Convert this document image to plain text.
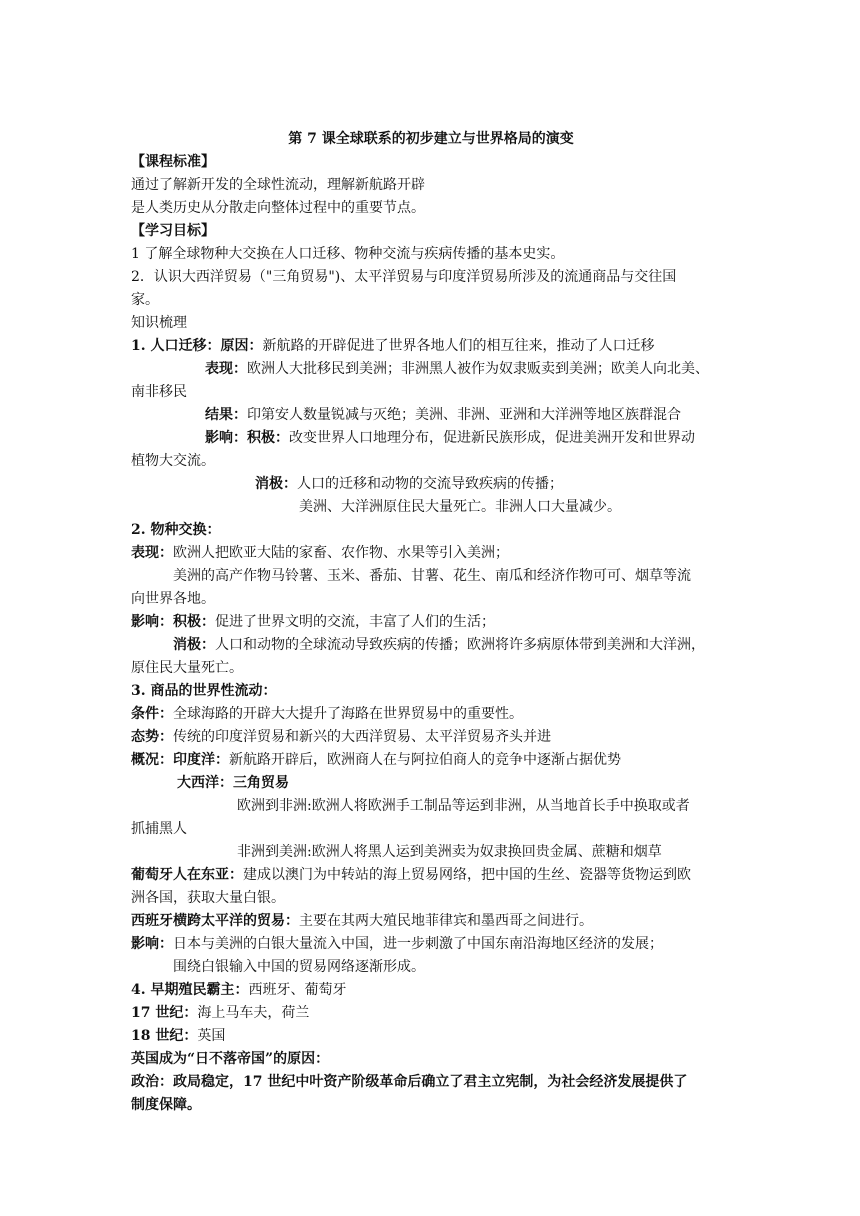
第 7 课全球联系的初步建立与世界格局的演变
【课程标准】
通过了解新开发的全球性流动，理解新航路开辟
是人类历史从分散走向整体过程中的重要节点。
【学习目标】
1 了解全球物种大交换在人口迁移、物种交流与疾病传播的基本史实。
2．认识大西洋贸易（"三角贸易")、太平洋贸易与印度洋贸易所涉及的流通商品与交往国
家。
知识梳理
1. 人口迁移：原因：新航路的开辟促进了世界各地人们的相互往来，推动了人口迁移
表现：欧洲人大批移民到美洲；非洲黑人被作为奴隶贩卖到美洲；欧美人向北美、
南非移民
结果：印第安人数量锐减与灭绝；美洲、非洲、亚洲和大洋洲等地区族群混合
影响：积极：改变世界人口地理分布，促进新民族形成，促进美洲开发和世界动
植物大交流。
消极：人口的迁移和动物的交流导致疾病的传播；
美洲、大洋洲原住民大量死亡。非洲人口大量减少。
2. 物种交换：
表现：欧洲人把欧亚大陆的家畜、农作物、水果等引入美洲；
美洲的高产作物马铃薯、玉米、番茄、甘薯、花生、南瓜和经济作物可可、烟草等流
向世界各地。
影响：积极：促进了世界文明的交流，丰富了人们的生活；
消极：人口和动物的全球流动导致疾病的传播；欧洲将许多病原体带到美洲和大洋洲，
原住民大量死亡。
3. 商品的世界性流动：
条件：全球海路的开辟大大提升了海路在世界贸易中的重要性。
态势：传统的印度洋贸易和新兴的大西洋贸易、太平洋贸易齐头并进
概况：印度洋：新航路开辟后，欧洲商人在与阿拉伯商人的竞争中逐渐占据优势
大西洋：三角贸易
欧洲到非洲:欧洲人将欧洲手工制品等运到非洲，从当地首长手中换取或者
抓捕黑人
非洲到美洲:欧洲人将黑人运到美洲卖为奴隶换回贵金属、蔗糖和烟草
葡萄牙人在东亚：建成以澳门为中转站的海上贸易网络，把中国的生丝、瓷器等货物运到欧
洲各国，获取大量白银。
西班牙横跨太平洋的贸易：主要在其两大殖民地菲律宾和墨西哥之间进行。
影响：日本与美洲的白银大量流入中国，进一步刺激了中国东南沿海地区经济的发展；
围绕白银输入中国的贸易网络逐渐形成。
4. 早期殖民霸主：西班牙、葡萄牙
17 世纪：海上马车夫，荷兰
18 世纪：英国
英国成为“日不落帝国”的原因：
政治：政局稳定，17 世纪中叶资产阶级革命后确立了君主立宪制，为社会经济发展提供了
制度保障。
